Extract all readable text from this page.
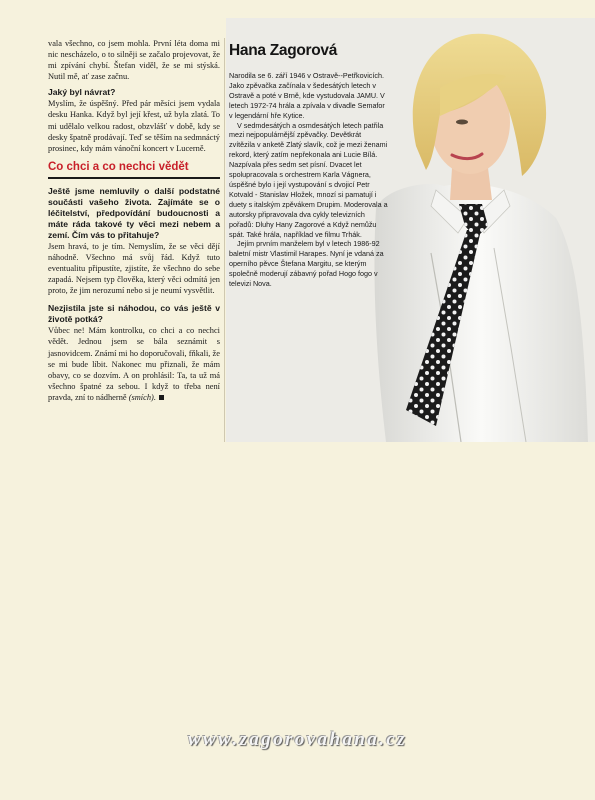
vala všechno, co jsem mohla. První léta doma mi nic nescházelo, o to silněji se začalo projevovat, že mi zpívání chybí. Štefan viděl, že se mi stýská. Nutil mě, ať zase začnu.

Jaký byl návrat?

Myslím, že úspěšný. Před pár měsíci jsem vydala desku Hanka. Když byl její křest, už byla zlatá. To mi udělalo velkou radost, obzvlášť v době, kdy se desky špatně prodávají. Teď se těším na sedmnáctý prosinec, kdy mám vánoční koncert v Lucerně.

Co chci a co nechci vědět

Ještě jsme nemluvily o další podstatné součásti vašeho života. Zajímáte se o léčitelství, předpovídání budoucnosti a máte ráda takové ty věci mezi nebem a zemí. Čím vás to přitahuje?

Jsem hravá, to je tím. Nemyslím, že se věci dějí náhodně. Všechno má svůj řád. Když tuto eventualitu připustíte, zjistíte, že všechno do sebe zapadá. Nejsem typ člověka, který věci odmítá jen proto, že jim nerozumí nebo si je neumí vysvětlit.

Nezjistila jste si náhodou, co vás ještě v životě potká?

Vůbec ne! Mám kontrolku, co chci a co nechci vědět. Jednou jsem se bála seznámit s jasnovidcem. Známí mi ho doporučovali, fňkali, že se mi bude líbit. Nakonec mu přiznali, že mám obavy, co se dozvím. A on prohlásil: Ta, ta už má všechno špatné za sebou. I když to třeba není pravda, zní to nádherně (smích).

Hana Zagorová

Narodila se 6. září 1946 v Ostravě--Petřkovicích. Jako zpěvačka začínala v šedesátých letech v Ostravě a poté v Brně, kde vystudovala JAMU. V letech 1972-74 hrála a zpívala v divadle Semafor v legendární hře Kytice.

V sedmdesátých a osmdesátých letech patřila mezi nejpopulárnější zpěvačky. Devětkrát zvítězila v anketě Zlatý slavík, což je mezi ženami rekord, který zatím nepřekonala ani Lucie Bílá. Nazpívala přes sedm set písní. Dvacet let spolupracovala s orchestrem Karla Vágnera, úspěšné bylo i její vystupování s dvojicí Petr Kotvald - Stanislav Hložek, mnozí si pamatují i duety s italským zpěvákem Drupim. Moderovala a autorsky připravovala dva cykly televizních pořadů: Dluhy Hany Zagorové a Když nemůžu spát. Také hrála, například ve filmu Trhák.

Jejím prvním manželem byl v letech 1986-92 baletní mistr Vlastimil Harapes. Nyní je vdaná za operního pěvce Štefana Margitu, se kterým společně moderují zábavný pořad Hogo fogo v televizi Nova.

www.zagorovahana.cz
